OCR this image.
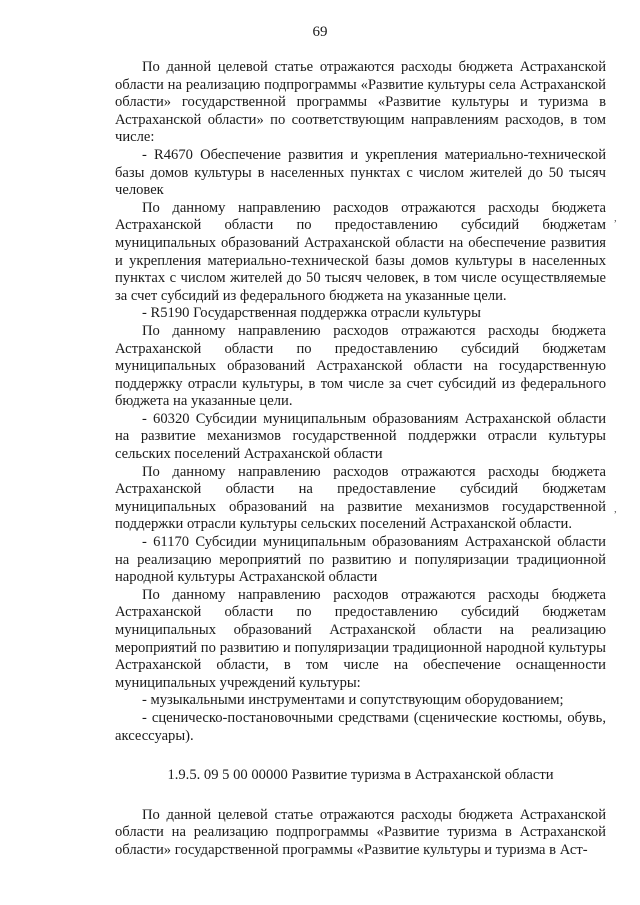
69

По данной целевой статье отражаются расходы бюджета Астраханской области на реализацию подпрограммы «Развитие культуры села Астраханской области» государственной программы «Развитие культуры и туризма в Астраханской области» по соответствующим направлениям расходов, в том числе:

- R4670 Обеспечение развития и укрепления материально-технической базы домов культуры в населенных пунктах с числом жителей до 50 тысяч человек

По данному направлению расходов отражаются расходы бюджета Астраханской области по предоставлению субсидий бюджетам муниципальных образований Астраханской области на обеспечение развития и укрепления материально-технической базы домов культуры в населенных пунктах с числом жителей до 50 тысяч человек, в том числе осуществляемые за счет субсидий из федерального бюджета на указанные цели.

- R5190 Государственная поддержка отрасли культуры

По данному направлению расходов отражаются расходы бюджета Астраханской области по предоставлению субсидий бюджетам муниципальных образований Астраханской области на государственную поддержку отрасли культуры, в том числе за счет субсидий из федерального бюджета на указанные цели.

- 60320 Субсидии муниципальным образованиям Астраханской области на развитие механизмов государственной поддержки отрасли культуры сельских поселений Астраханской области

По данному направлению расходов отражаются расходы бюджета Астраханской области на предоставление субсидий бюджетам муниципальных образований на развитие механизмов государственной поддержки отрасли культуры сельских поселений Астраханской области.

- 61170 Субсидии муниципальным образованиям Астраханской области на реализацию мероприятий по развитию и популяризации традиционной народной культуры Астраханской области

По данному направлению расходов отражаются расходы бюджета Астраханской области по предоставлению субсидий бюджетам муниципальных образований Астраханской области на реализацию мероприятий по развитию и популяризации традиционной народной культуры Астраханской области, в том числе на обеспечение оснащенности муниципальных учреждений культуры:

- музыкальными инструментами и сопутствующим оборудованием;

- сценическо-постановочными средствами (сценические костюмы, обувь, аксессуары).

1.9.5. 09 5 00 00000 Развитие туризма в Астраханской области

По данной целевой статье отражаются расходы бюджета Астраханской области на реализацию подпрограммы «Развитие туризма в Астраханской области» государственной программы «Развитие культуры и туризма в Аст-

,
,
